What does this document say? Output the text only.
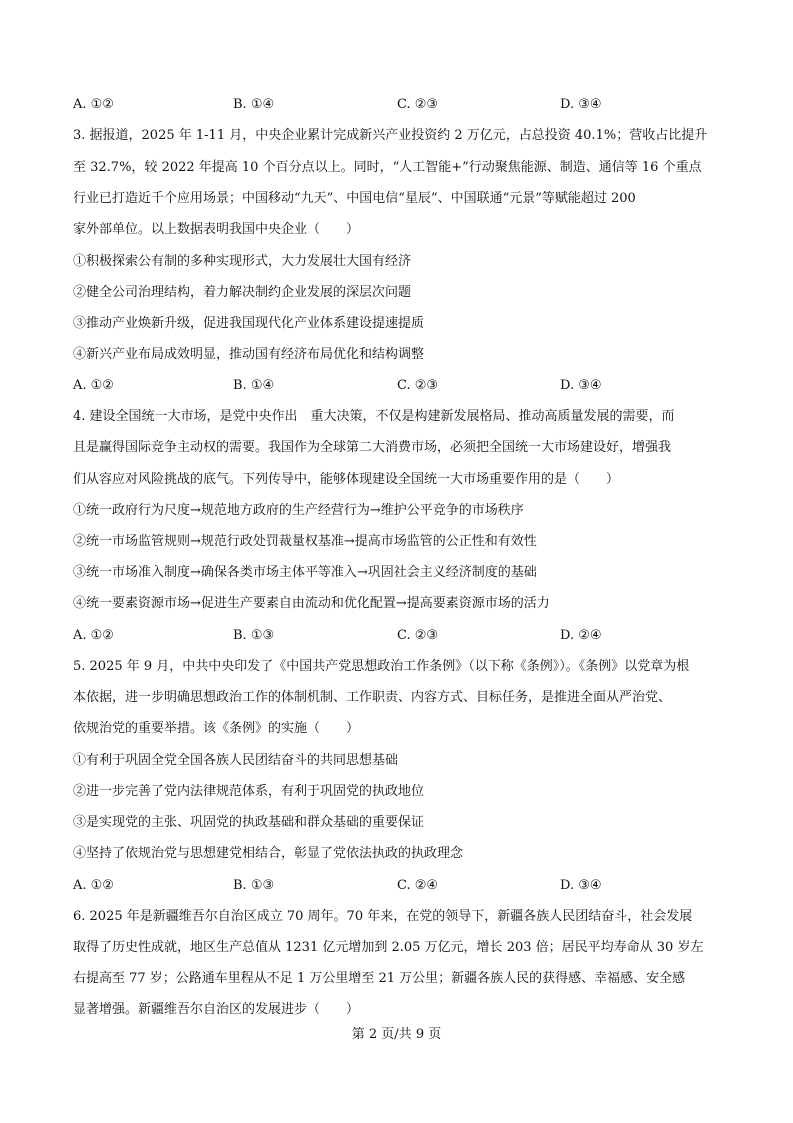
A. ①②	B. ①④	C. ②③	D. ③④
3. 据报道，2025 年 1-11 月，中央企业累计完成新兴产业投资约 2 万亿元，占总投资 40.1%；营收占比提升
至 32.7%，较 2022 年提高 10 个百分点以上。同时，“人工智能+”行动聚焦能源、制造、通信等 16 个重点
行业已打造近千个应用场景；中国移动“九天”、中国电信“星辰”、中国联通“元景”等赋能超过 200
家外部单位。以上数据表明我国中央企业（　　）
①积极探索公有制的多种实现形式，大力发展壮大国有经济
②健全公司治理结构，着力解决制约企业发展的深层次问题
③推动产业焕新升级，促进我国现代化产业体系建设提速提质
④新兴产业布局成效明显，推动国有经济布局优化和结构调整
A. ①②	B. ①④	C. ②③	D. ③④
4. 建设全国统一大市场，是党中央作出　重大决策，不仅是构建新发展格局、推动高质量发展的需要，而
且是赢得国际竞争主动权的需要。我国作为全球第二大消费市场，必须把全国统一大市场建设好，增强我
们从容应对风险挑战的底气。下列传导中，能够体现建设全国统一大市场重要作用的是（　　）
①统一政府行为尺度→规范地方政府的生产经营行为→维护公平竞争的市场秩序
②统一市场监管规则→规范行政处罚裁量权基准→提高市场监管的公正性和有效性
③统一市场准入制度→确保各类市场主体平等准入→巩固社会主义经济制度的基础
④统一要素资源市场→促进生产要素自由流动和优化配置→提高要素资源市场的活力
A. ①②	B. ①③	C. ②③	D. ②④
5. 2025 年 9 月，中共中央印发了《中国共产党思想政治工作条例》（以下称《条例》）。《条例》以党章为根
本依据，进一步明确思想政治工作的体制机制、工作职责、内容方式、目标任务，是推进全面从严治党、
依规治党的重要举措。该《条例》的实施（　　）
①有利于巩固全党全国各族人民团结奋斗的共同思想基础
②进一步完善了党内法律规范体系，有利于巩固党的执政地位
③是实现党的主张、巩固党的执政基础和群众基础的重要保证
④坚持了依规治党与思想建党相结合，彰显了党依法执政的执政理念
A. ①②	B. ①③	C. ②④	D. ③④
6. 2025 年是新疆维吾尔自治区成立 70 周年。70 年来，在党的领导下，新疆各族人民团结奋斗，社会发展
取得了历史性成就，地区生产总值从 1231 亿元增加到 2.05 万亿元，增长 203 倍；居民平均寿命从 30 岁左
右提高至 77 岁；公路通车里程从不足 1 万公里增至 21 万公里；新疆各族人民的获得感、幸福感、安全感
显著增强。新疆维吾尔自治区的发展进步（　　）
第 2 页/共 9 页
